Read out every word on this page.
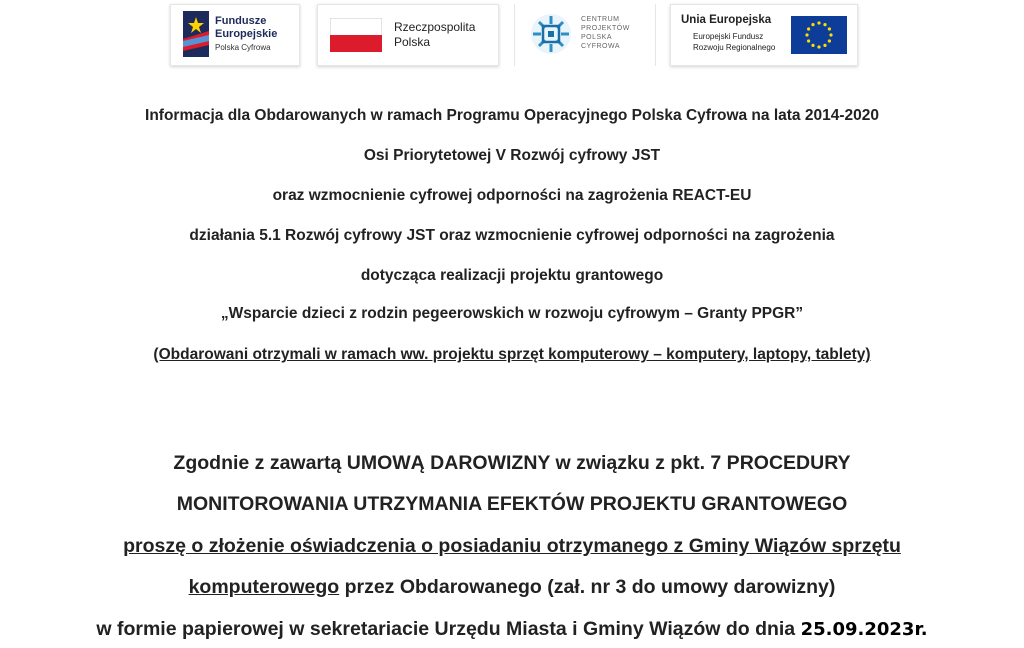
Fundusze
Europejskie
Polska Cyfrowa
Rzeczpospolita
Polska
CENTRUM
PROJEKTÓW
POLSKA
CYFROWA
Unia Europejska
Europejski Fundusz
Rozwoju Regionalnego
Informacja dla Obdarowanych w ramach Programu Operacyjnego Polska Cyfrowa na lata 2014-2020
Osi Priorytetowej V Rozwój cyfrowy JST
oraz wzmocnienie cyfrowej odporności na zagrożenia REACT-EU
działania 5.1 Rozwój cyfrowy JST oraz wzmocnienie cyfrowej odporności na zagrożenia
dotycząca realizacji projektu grantowego
„Wsparcie dzieci z rodzin pegeerowskich w rozwoju cyfrowym – Granty PPGR”
(Obdarowani otrzymali w ramach ww. projektu sprzęt komputerowy – komputery, laptopy, tablety)
Zgodnie z zawartą UMOWĄ DAROWIZNY w związku z pkt. 7 PROCEDURY
MONITOROWANIA UTRZYMANIA EFEKTÓW PROJEKTU GRANTOWEGO
proszę o złożenie oświadczenia o posiadaniu otrzymanego z Gminy Wiązów sprzętu
komputerowego przez Obdarowanego (zał. nr 3 do umowy darowizny)
w formie papierowej w sekretariacie Urzędu Miasta i Gminy Wiązów do dnia 25.09.2023r.
